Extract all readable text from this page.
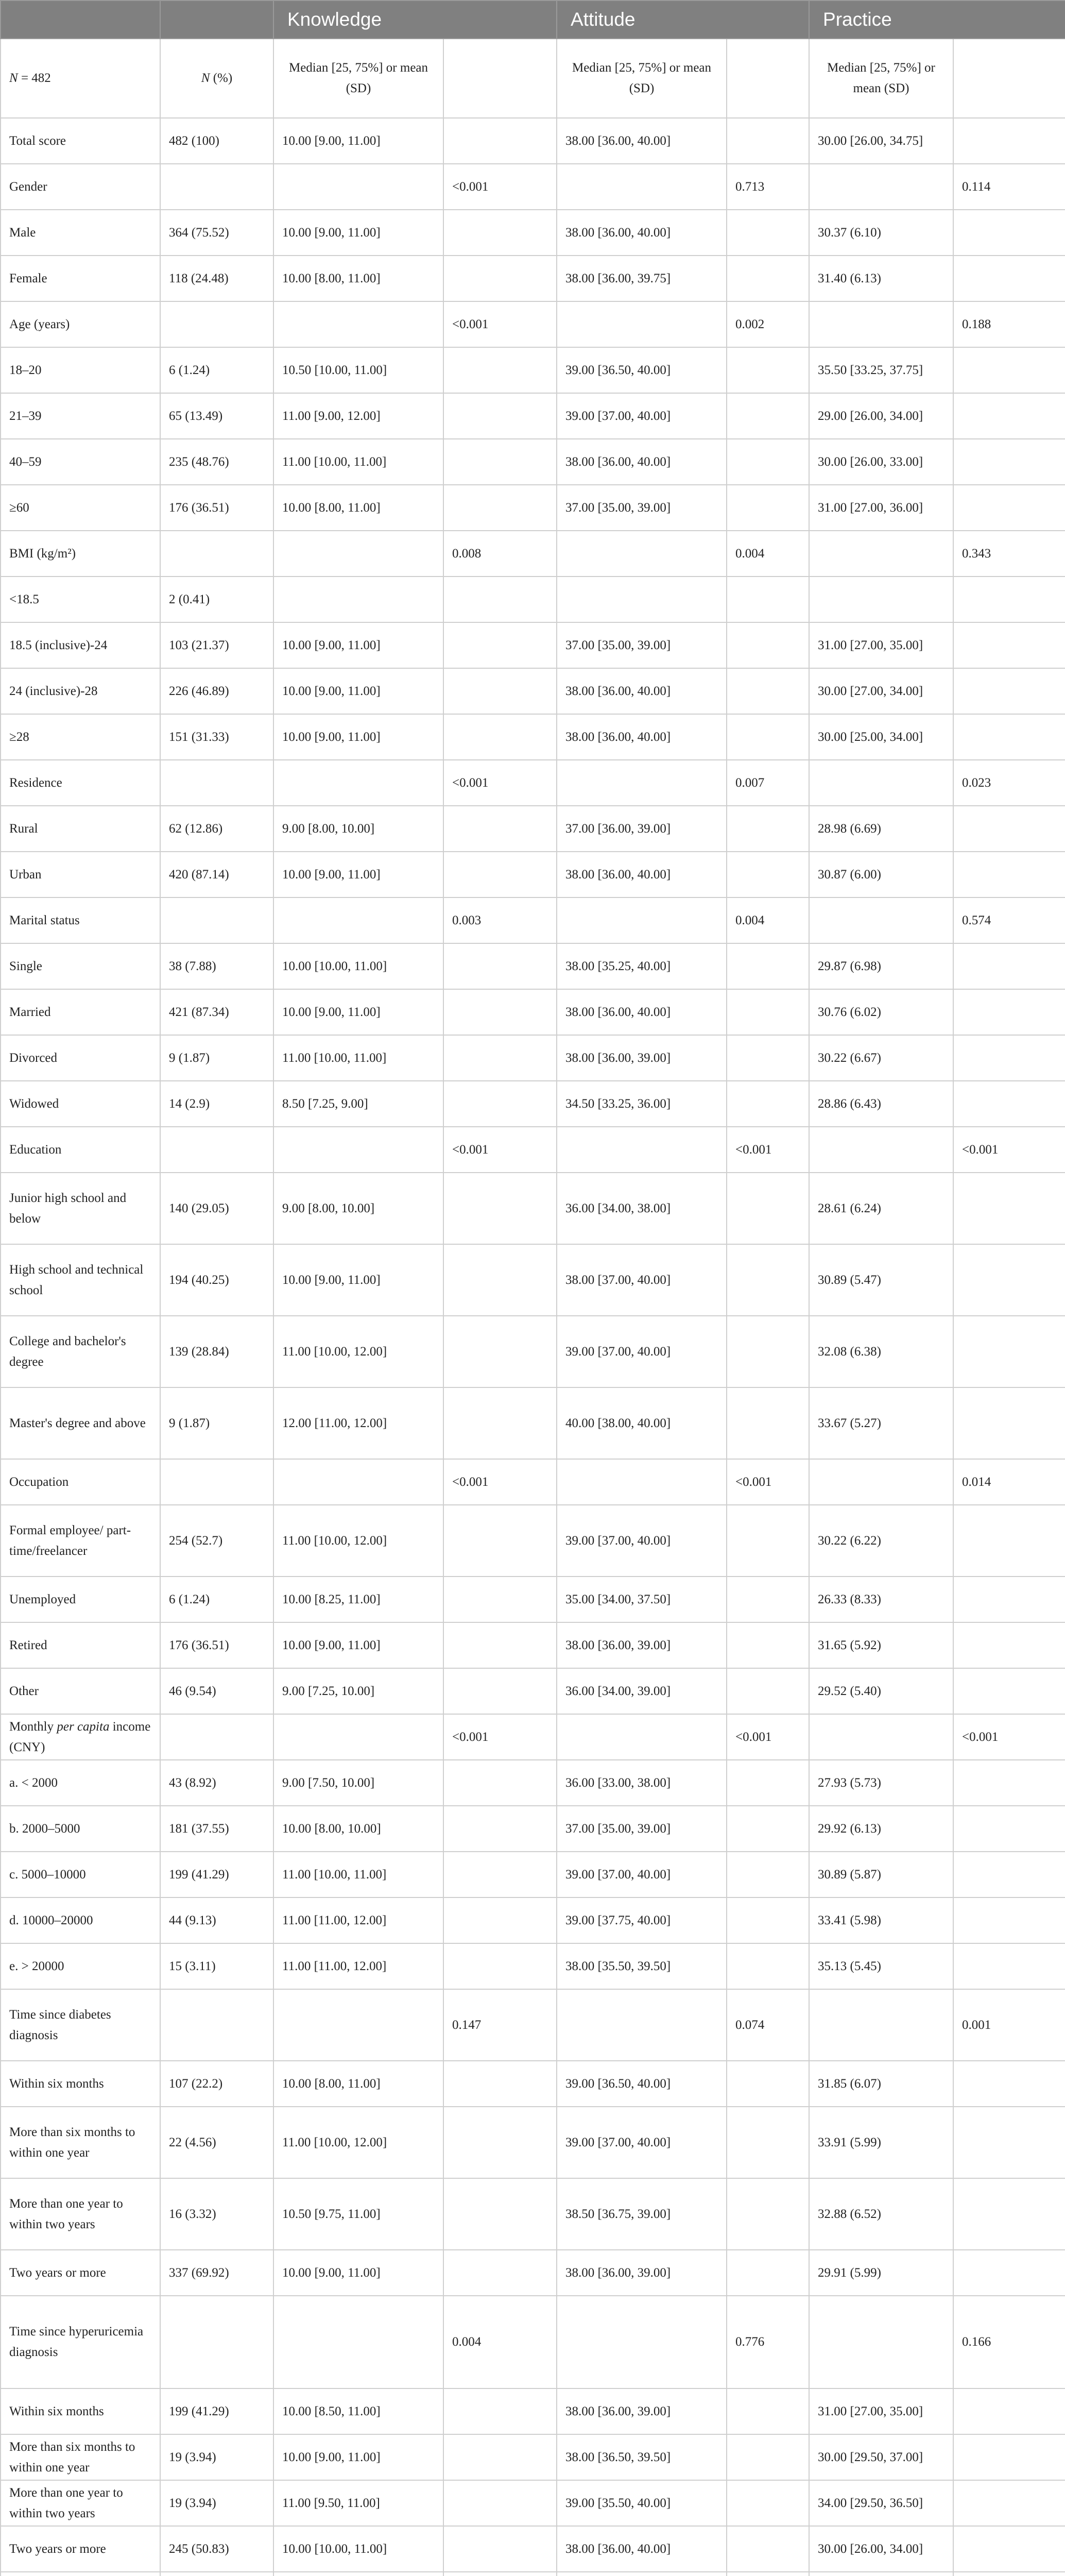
		Knowledge		Attitude		Practice	
N = 482	N (%)	Median [25, 75%] or mean (SD)		Median [25, 75%] or mean (SD)		Median [25, 75%] or mean (SD)	
Total score	482 (100)	10.00 [9.00, 11.00]		38.00 [36.00, 40.00]		30.00 [26.00, 34.75]	
Gender			<0.001		0.713		0.114
Male	364 (75.52)	10.00 [9.00, 11.00]		38.00 [36.00, 40.00]		30.37 (6.10)	
Female	118 (24.48)	10.00 [8.00, 11.00]		38.00 [36.00, 39.75]		31.40 (6.13)	
Age (years)			<0.001		0.002		0.188
18–20	6 (1.24)	10.50 [10.00, 11.00]		39.00 [36.50, 40.00]		35.50 [33.25, 37.75]	
21–39	65 (13.49)	11.00 [9.00, 12.00]		39.00 [37.00, 40.00]		29.00 [26.00, 34.00]	
40–59	235 (48.76)	11.00 [10.00, 11.00]		38.00 [36.00, 40.00]		30.00 [26.00, 33.00]	
≥60	176 (36.51)	10.00 [8.00, 11.00]		37.00 [35.00, 39.00]		31.00 [27.00, 36.00]	
BMI (kg/m²)			0.008		0.004		0.343
<18.5	2 (0.41)						
18.5 (inclusive)-24	103 (21.37)	10.00 [9.00, 11.00]		37.00 [35.00, 39.00]		31.00 [27.00, 35.00]	
24 (inclusive)-28	226 (46.89)	10.00 [9.00, 11.00]		38.00 [36.00, 40.00]		30.00 [27.00, 34.00]	
≥28	151 (31.33)	10.00 [9.00, 11.00]		38.00 [36.00, 40.00]		30.00 [25.00, 34.00]	
Residence			<0.001		0.007		0.023
Rural	62 (12.86)	9.00 [8.00, 10.00]		37.00 [36.00, 39.00]		28.98 (6.69)	
Urban	420 (87.14)	10.00 [9.00, 11.00]		38.00 [36.00, 40.00]		30.87 (6.00)	
Marital status			0.003		0.004		0.574
Single	38 (7.88)	10.00 [10.00, 11.00]		38.00 [35.25, 40.00]		29.87 (6.98)	
Married	421 (87.34)	10.00 [9.00, 11.00]		38.00 [36.00, 40.00]		30.76 (6.02)	
Divorced	9 (1.87)	11.00 [10.00, 11.00]		38.00 [36.00, 39.00]		30.22 (6.67)	
Widowed	14 (2.9)	8.50 [7.25, 9.00]		34.50 [33.25, 36.00]		28.86 (6.43)	
Education			<0.001		<0.001		<0.001
Junior high school and below	140 (29.05)	9.00 [8.00, 10.00]		36.00 [34.00, 38.00]		28.61 (6.24)	
High school and technical school	194 (40.25)	10.00 [9.00, 11.00]		38.00 [37.00, 40.00]		30.89 (5.47)	
College and bachelor's degree	139 (28.84)	11.00 [10.00, 12.00]		39.00 [37.00, 40.00]		32.08 (6.38)	
Master's degree and above	9 (1.87)	12.00 [11.00, 12.00]		40.00 [38.00, 40.00]		33.67 (5.27)	
Occupation			<0.001		<0.001		0.014
Formal employee/ part-time/freelancer	254 (52.7)	11.00 [10.00, 12.00]		39.00 [37.00, 40.00]		30.22 (6.22)	
Unemployed	6 (1.24)	10.00 [8.25, 11.00]		35.00 [34.00, 37.50]		26.33 (8.33)	
Retired	176 (36.51)	10.00 [9.00, 11.00]		38.00 [36.00, 39.00]		31.65 (5.92)	
Other	46 (9.54)	9.00 [7.25, 10.00]		36.00 [34.00, 39.00]		29.52 (5.40)	
Monthly per capita income (CNY)			<0.001		<0.001		<0.001
a. < 2000	43 (8.92)	9.00 [7.50, 10.00]		36.00 [33.00, 38.00]		27.93 (5.73)	
b. 2000–5000	181 (37.55)	10.00 [8.00, 10.00]		37.00 [35.00, 39.00]		29.92 (6.13)	
c. 5000–10000	199 (41.29)	11.00 [10.00, 11.00]		39.00 [37.00, 40.00]		30.89 (5.87)	
d. 10000–20000	44 (9.13)	11.00 [11.00, 12.00]		39.00 [37.75, 40.00]		33.41 (5.98)	
e. > 20000	15 (3.11)	11.00 [11.00, 12.00]		38.00 [35.50, 39.50]		35.13 (5.45)	
Time since diabetes diagnosis			0.147		0.074		0.001
Within six months	107 (22.2)	10.00 [8.00, 11.00]		39.00 [36.50, 40.00]		31.85 (6.07)	
More than six months to within one year	22 (4.56)	11.00 [10.00, 12.00]		39.00 [37.00, 40.00]		33.91 (5.99)	
More than one year to within two years	16 (3.32)	10.50 [9.75, 11.00]		38.50 [36.75, 39.00]		32.88 (6.52)	
Two years or more	337 (69.92)	10.00 [9.00, 11.00]		38.00 [36.00, 39.00]		29.91 (5.99)	
Time since hyperuricemia diagnosis			0.004		0.776		0.166
Within six months	199 (41.29)	10.00 [8.50, 11.00]		38.00 [36.00, 39.00]		31.00 [27.00, 35.00]	
More than six months to within one year	19 (3.94)	10.00 [9.00, 11.00]		38.00 [36.50, 39.50]		30.00 [29.50, 37.00]	
More than one year to within two years	19 (3.94)	11.00 [9.50, 11.00]		39.00 [35.50, 40.00]		34.00 [29.50, 36.50]	
Two years or more	245 (50.83)	10.00 [10.00, 11.00]		38.00 [36.00, 40.00]		30.00 [26.00, 34.00]	
